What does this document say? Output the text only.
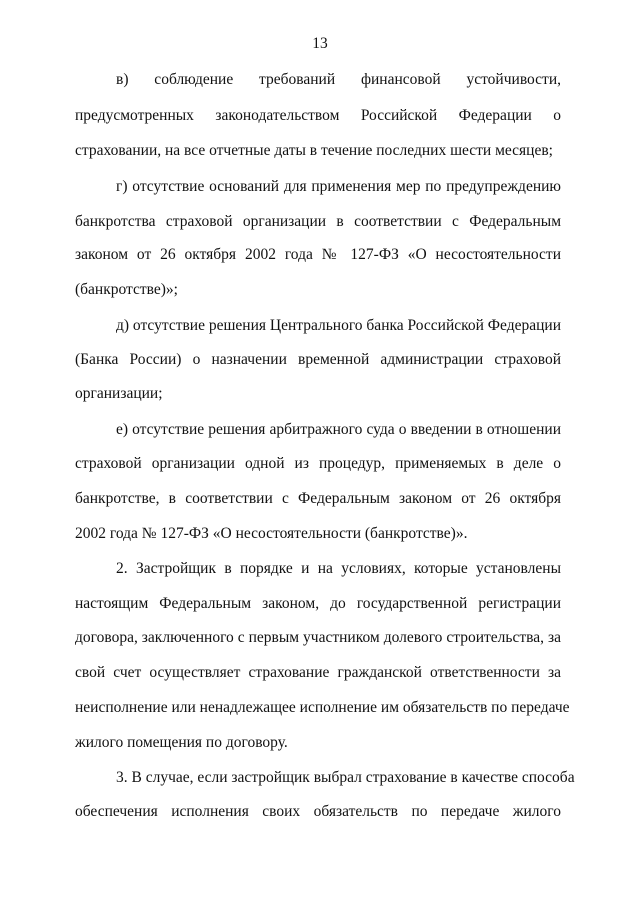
13
в) соблюдение требований финансовой устойчивости,
предусмотренных законодательством Российской Федерации о
страховании, на все отчетные даты в течение последних шести месяцев;
г) отсутствие оснований для применения мер по предупреждению
банкротства страховой организации в соответствии с Федеральным
законом от 26 октября 2002 года № 127-ФЗ «О несостоятельности
(банкротстве)»;
д) отсутствие решения Центрального банка Российской Федерации
(Банка России) о назначении временной администрации страховой
организации;
е) отсутствие решения арбитражного суда о введении в отношении
страховой организации одной из процедур, применяемых в деле о
банкротстве, в соответствии с Федеральным законом от 26 октября
2002 года № 127-ФЗ «О несостоятельности (банкротстве)».
2. Застройщик в порядке и на условиях, которые установлены
настоящим Федеральным законом, до государственной регистрации
договора, заключенного с первым участником долевого строительства, за
свой счет осуществляет страхование гражданской ответственности за
неисполнение или ненадлежащее исполнение им обязательств по передаче
жилого помещения по договору.
3. В случае, если застройщик выбрал страхование в качестве способа
обеспечения исполнения своих обязательств по передаче жилого
